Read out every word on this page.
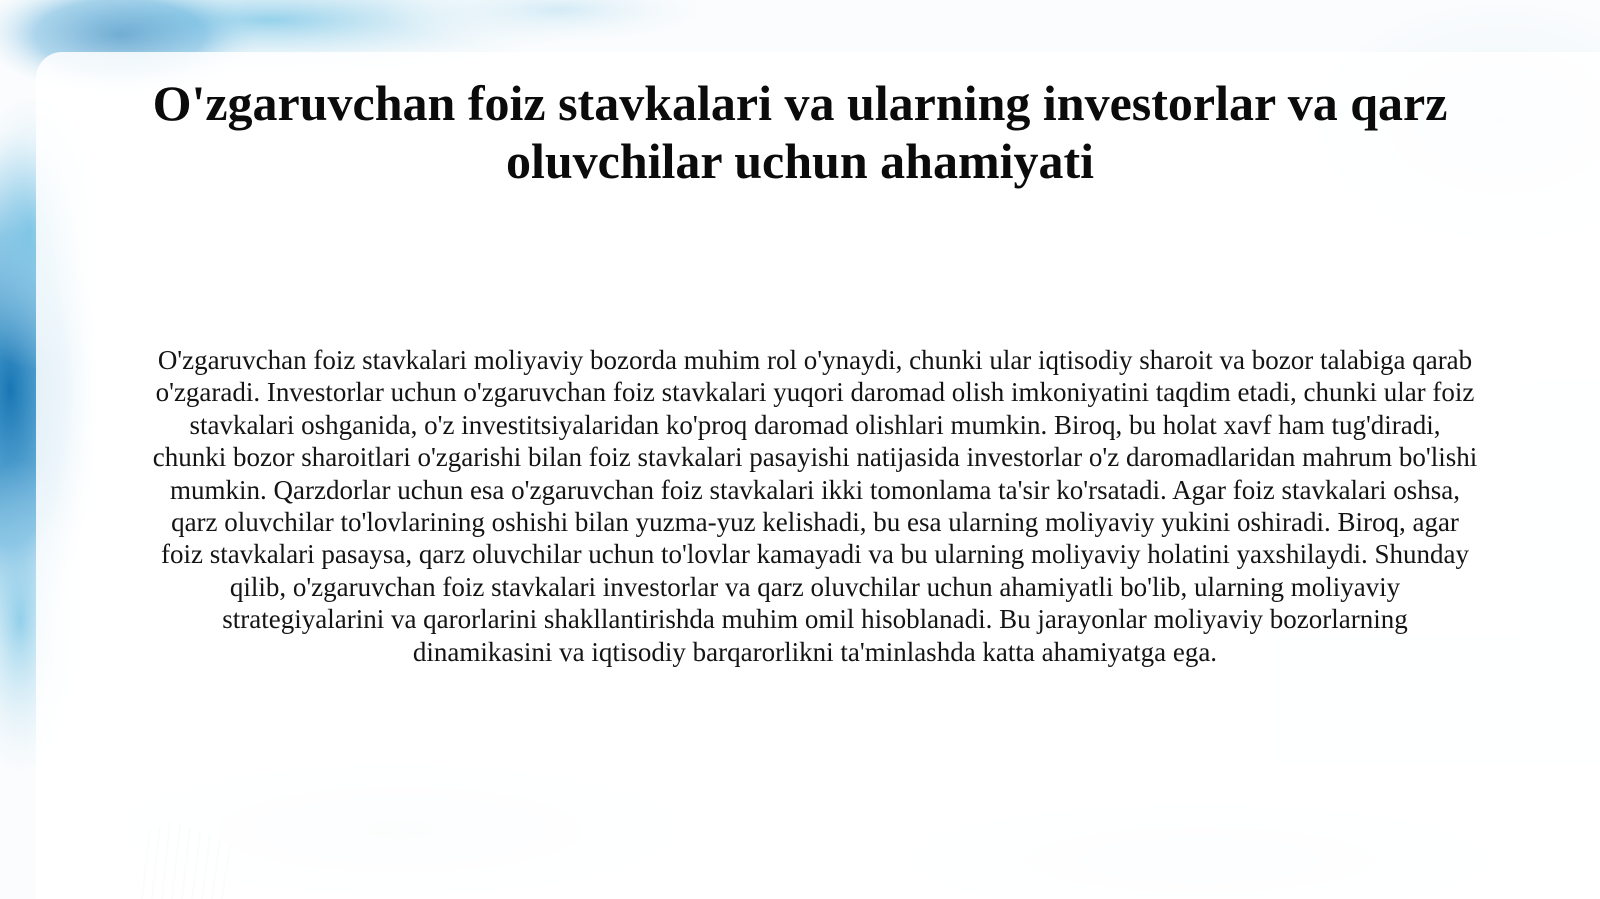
O'zgaruvchan foiz stavkalari va ularning investorlar va qarz oluvchilar uchun ahamiyati

O'zgaruvchan foiz stavkalari moliyaviy bozorda muhim rol o'ynaydi, chunki ular iqtisodiy sharoit va bozor talabiga qarab o'zgaradi. Investorlar uchun o'zgaruvchan foiz stavkalari yuqori daromad olish imkoniyatini taqdim etadi, chunki ular foiz stavkalari oshganida, o'z investitsiyalaridan ko'proq daromad olishlari mumkin. Biroq, bu holat xavf ham tug'diradi, chunki bozor sharoitlari o'zgarishi bilan foiz stavkalari pasayishi natijasida investorlar o'z daromadlaridan mahrum bo'lishi mumkin. Qarzdorlar uchun esa o'zgaruvchan foiz stavkalari ikki tomonlama ta'sir ko'rsatadi. Agar foiz stavkalari oshsa, qarz oluvchilar to'lovlarining oshishi bilan yuzma-yuz kelishadi, bu esa ularning moliyaviy yukini oshiradi. Biroq, agar foiz stavkalari pasaysa, qarz oluvchilar uchun to'lovlar kamayadi va bu ularning moliyaviy holatini yaxshilaydi. Shunday qilib, o'zgaruvchan foiz stavkalari investorlar va qarz oluvchilar uchun ahamiyatli bo'lib, ularning moliyaviy strategiyalarini va qarorlarini shakllantirishda muhim omil hisoblanadi. Bu jarayonlar moliyaviy bozorlarning dinamikasini va iqtisodiy barqarorlikni ta'minlashda katta ahamiyatga ega.
